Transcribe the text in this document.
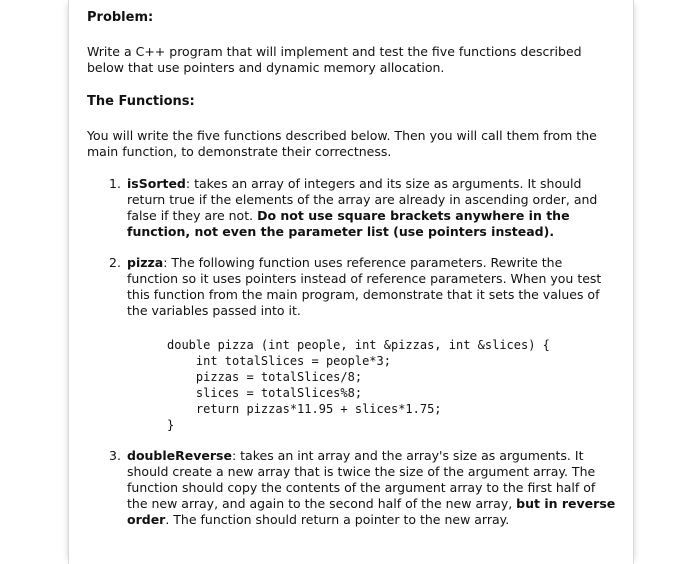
Problem:

Write a C++ program that will implement and test the five functions described below that use pointers and dynamic memory allocation.

The Functions:

You will write the five functions described below. Then you will call them from the main function, to demonstrate their correctness.

1. isSorted: takes an array of integers and its size as arguments. It should return true if the elements of the array are already in ascending order, and false if they are not. Do not use square brackets anywhere in the function, not even the parameter list (use pointers instead).
2. pizza: The following function uses reference parameters. Rewrite the function so it uses pointers instead of reference parameters. When you test this function from the main program, demonstrate that it sets the values of the variables passed into it.
double pizza (int people, int &pizzas, int &slices) {
int totalSlices = people*3;
pizzas = totalSlices/8;
slices = totalSlices%8;
return pizzas*11.95 + slices*1.75;
}
3. doubleReverse: takes an int array and the array's size as arguments. It should create a new array that is twice the size of the argument array. The function should copy the contents of the argument array to the first half of the new array, and again to the second half of the new array, but in reverse order. The function should return a pointer to the new array.
